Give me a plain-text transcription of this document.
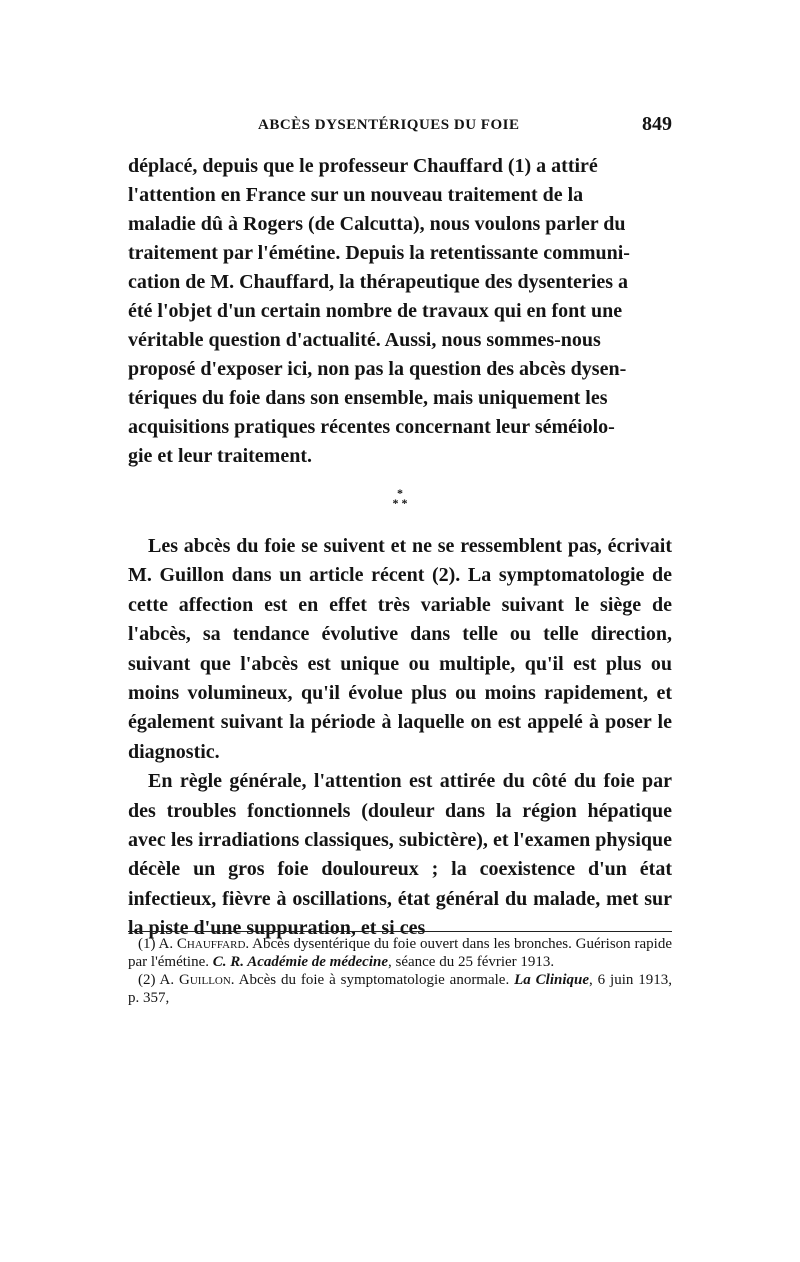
ABCÈS DYSENTÉRIQUES DU FOIE	849
déplacé, depuis que le professeur Chauffard (1) a attiré
l'attention en France sur un nouveau traitement de la
maladie dû à Rogers (de Calcutta), nous voulons parler du
traitement par l'émétine. Depuis la retentissante communi-
cation de M. Chauffard, la thérapeutique des dysenteries a
été l'objet d'un certain nombre de travaux qui en font une
véritable question d'actualité. Aussi, nous sommes-nous
proposé d'exposer ici, non pas la question des abcès dysen-
tériques du foie dans son ensemble, mais uniquement les
acquisitions pratiques récentes concernant leur séméiolo-
gie et leur traitement.
*
* *

Les abcès du foie se suivent et ne se ressemblent pas, écrivait M. Guillon dans un article récent (2). La symptomatologie de cette affection est en effet très variable suivant le siège de l'abcès, sa tendance évolutive dans telle ou telle direction, suivant que l'abcès est unique ou multiple, qu'il est plus ou moins volumineux, qu'il évolue plus ou moins rapidement, et également suivant la période à laquelle on est appelé à poser le diagnostic.

En règle générale, l'attention est attirée du côté du foie par des troubles fonctionnels (douleur dans la région hépatique avec les irradiations classiques, subictère), et l'examen physique décèle un gros foie douloureux ; la coexistence d'un état infectieux, fièvre à oscillations, état général du malade, met sur la piste d'une suppuration, et si ces

(1) A. Chauffard. Abcès dysentérique du foie ouvert dans les bronches. Guérison rapide par l'émétine. C. R. Académie de médecine, séance du 25 février 1913.

(2) A. Guillon. Abcès du foie à symptomatologie anormale. La Clinique, 6 juin 1913, p. 357,
